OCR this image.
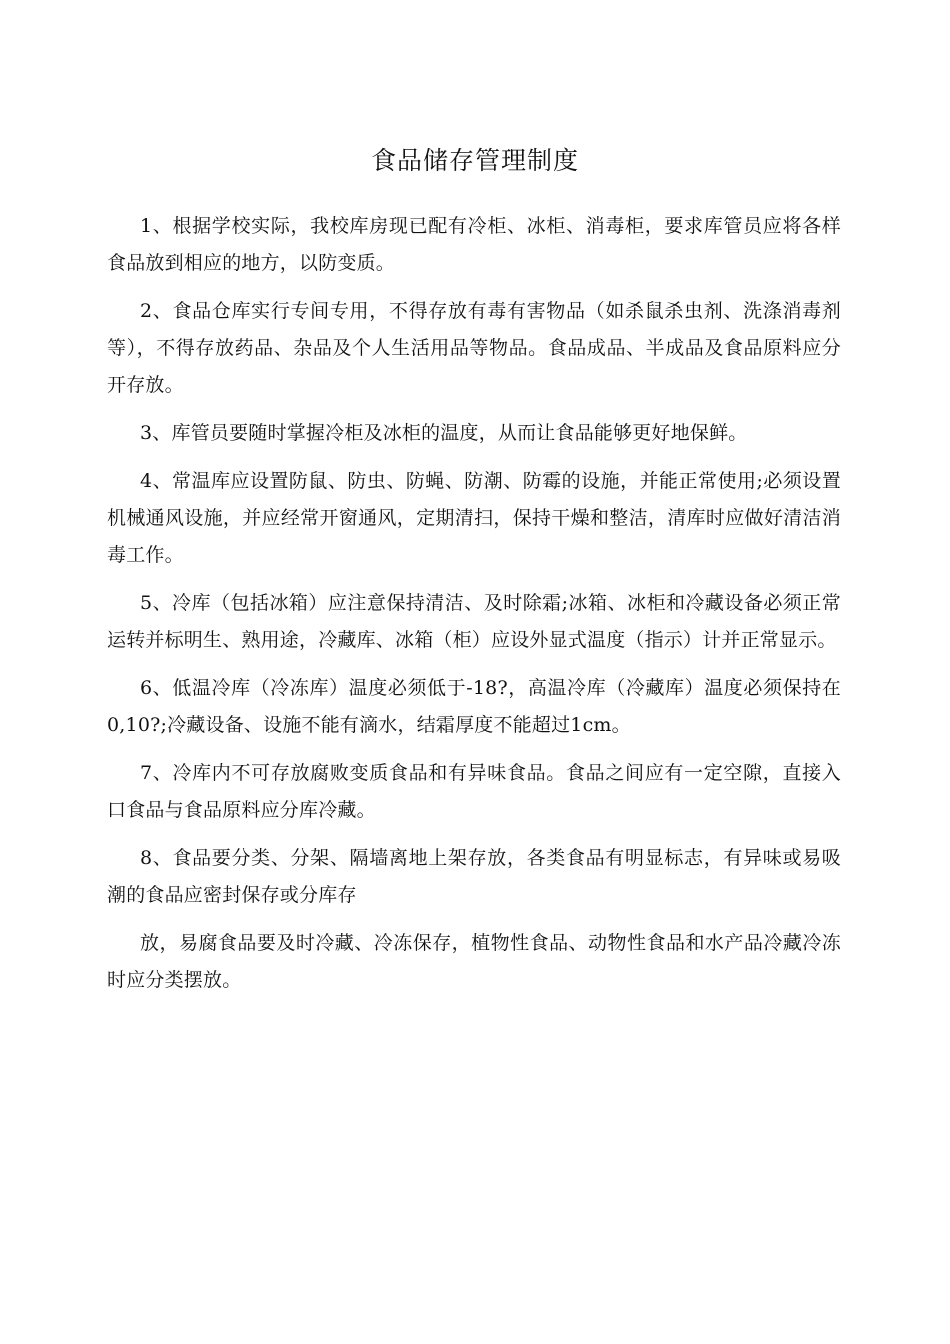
食品储存管理制度

1、根据学校实际，我校库房现已配有冷柜、冰柜、消毒柜，要求库管员应将各样食品放到相应的地方，以防变质。

2、食品仓库实行专间专用，不得存放有毒有害物品（如杀鼠杀虫剂、洗涤消毒剂等），不得存放药品、杂品及个人生活用品等物品。食品成品、半成品及食品原料应分开存放。

3、库管员要随时掌握冷柜及冰柜的温度，从而让食品能够更好地保鲜。

4、常温库应设置防鼠、防虫、防蝇、防潮、防霉的设施，并能正常使用;必须设置机械通风设施，并应经常开窗通风，定期清扫，保持干燥和整洁，清库时应做好清洁消毒工作。

5、冷库（包括冰箱）应注意保持清洁、及时除霜;冰箱、冰柜和冷藏设备必须正常运转并标明生、熟用途，冷藏库、冰箱（柜）应设外显式温度（指示）计并正常显示。

6、低温冷库（冷冻库）温度必须低于-18?，高温冷库（冷藏库）温度必须保持在0,10?;冷藏设备、设施不能有滴水，结霜厚度不能超过1cm。

7、冷库内不可存放腐败变质食品和有异味食品。食品之间应有一定空隙，直接入口食品与食品原料应分库冷藏。

8、食品要分类、分架、隔墙离地上架存放，各类食品有明显标志，有异味或易吸潮的食品应密封保存或分库存

放，易腐食品要及时冷藏、冷冻保存，植物性食品、动物性食品和水产品冷藏冷冻时应分类摆放。
